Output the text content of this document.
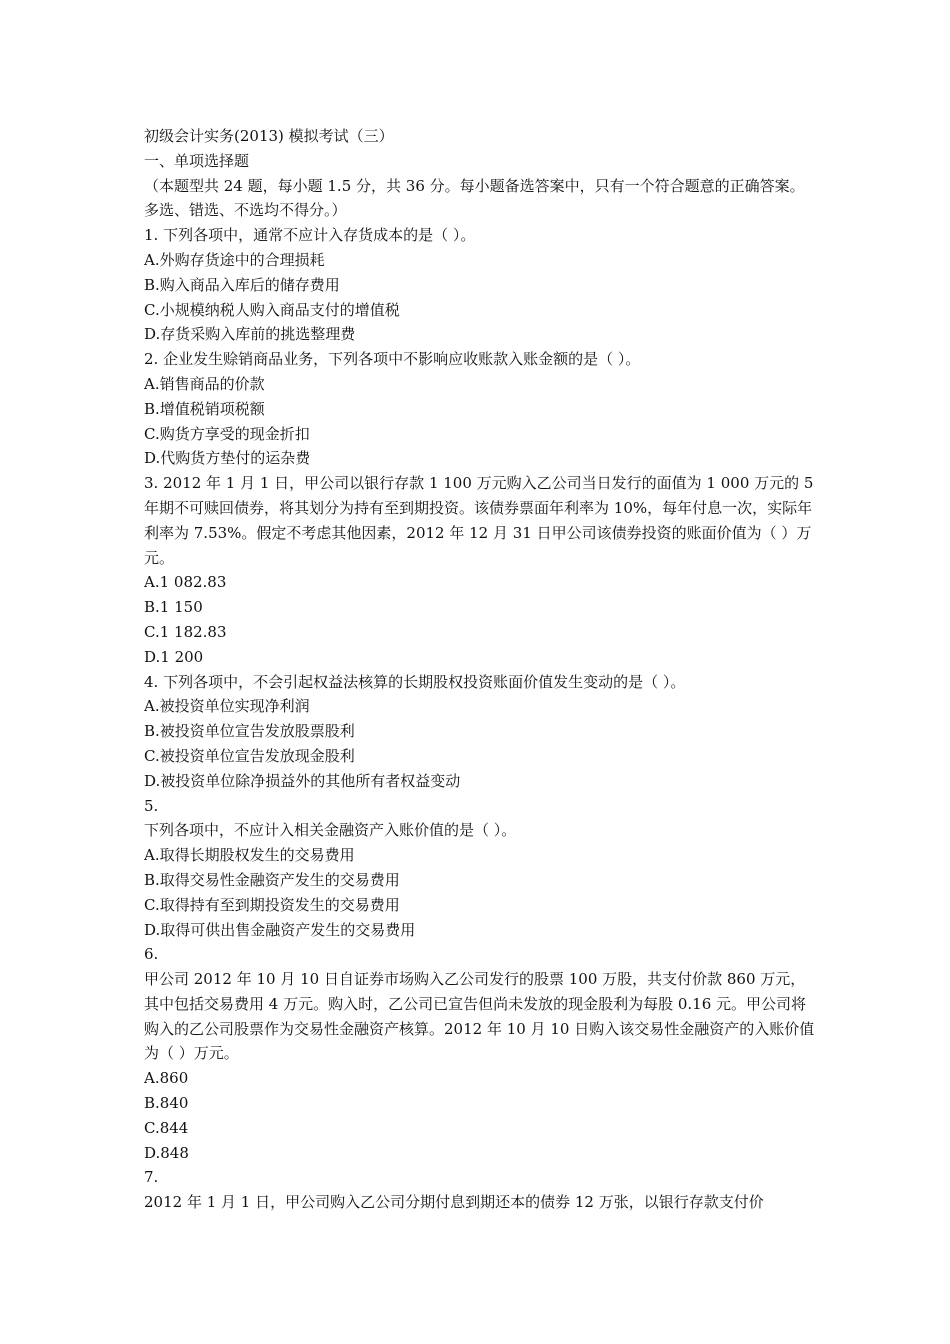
初级会计实务(2013) 模拟考试（三）

一、单项选择题

（本题型共 24 题，每小题 1.5 分，共 36 分。每小题备选答案中，只有一个符合题意的正确答案。多选、错选、不选均不得分。）

1. 下列各项中，通常不应计入存货成本的是（ ）。

A.外购存货途中的合理损耗

B.购入商品入库后的储存费用

C.小规模纳税人购入商品支付的增值税

D.存货采购入库前的挑选整理费

2. 企业发生赊销商品业务，下列各项中不影响应收账款入账金额的是（ ）。

A.销售商品的价款

B.增值税销项税额

C.购货方享受的现金折扣

D.代购货方垫付的运杂费

3. 2012 年 1 月 1 日，甲公司以银行存款 1 100 万元购入乙公司当日发行的面值为 1 000 万元的 5 年期不可赎回债券，将其划分为持有至到期投资。该债券票面年利率为 10%，每年付息一次，实际年利率为 7.53%。假定不考虑其他因素，2012 年 12 月 31 日甲公司该债券投资的账面价值为（ ）万元。

A.1 082.83

B.1 150

C.1 182.83

D.1 200

4. 下列各项中，不会引起权益法核算的长期股权投资账面价值发生变动的是（ ）。

A.被投资单位实现净利润

B.被投资单位宣告发放股票股利

C.被投资单位宣告发放现金股利

D.被投资单位除净损益外的其他所有者权益变动

5.

下列各项中，不应计入相关金融资产入账价值的是（ ）。

A.取得长期股权发生的交易费用

B.取得交易性金融资产发生的交易费用

C.取得持有至到期投资发生的交易费用

D.取得可供出售金融资产发生的交易费用

6.

甲公司 2012 年 10 月 10 日自证券市场购入乙公司发行的股票 100 万股，共支付价款 860 万元，其中包括交易费用 4 万元。购入时，乙公司已宣告但尚未发放的现金股利为每股 0.16 元。甲公司将购入的乙公司股票作为交易性金融资产核算。2012 年 10 月 10 日购入该交易性金融资产的入账价值为（ ）万元。

A.860

B.840

C.844

D.848

7.

2012 年 1 月 1 日，甲公司购入乙公司分期付息到期还本的债券 12 万张，以银行存款支付价
